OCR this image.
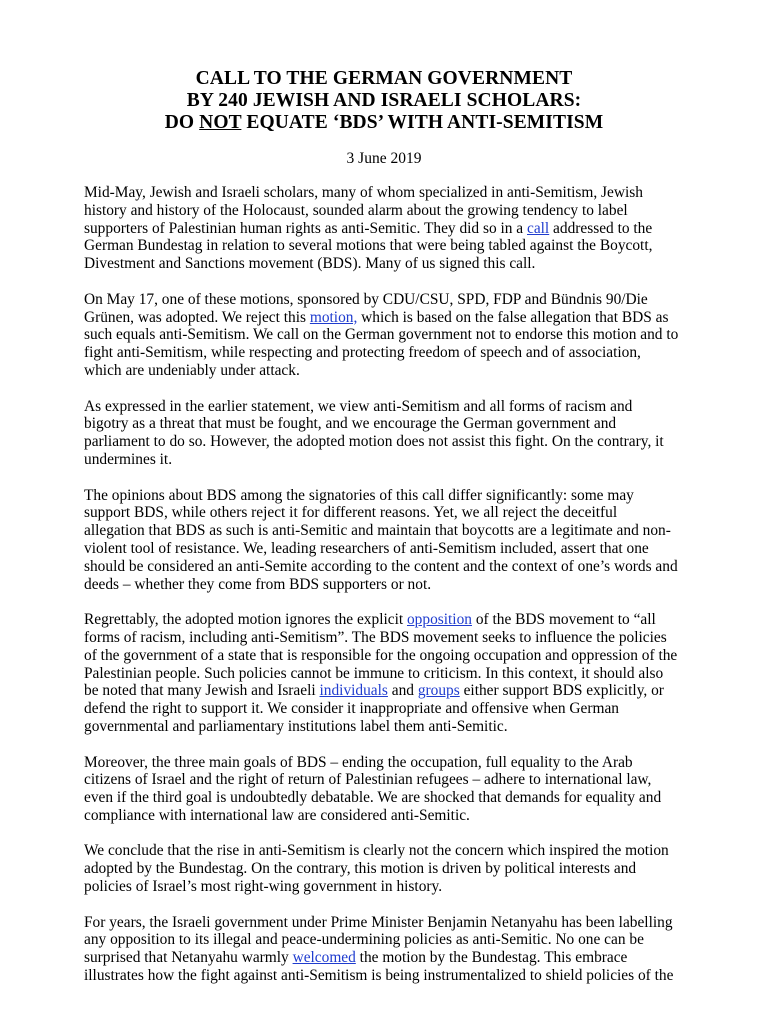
CALL TO THE GERMAN GOVERNMENT
BY 240 JEWISH AND ISRAELI SCHOLARS:
DO NOT EQUATE ‘BDS’ WITH ANTI-SEMITISM
3 June 2019
Mid-May, Jewish and Israeli scholars, many of whom specialized in anti-Semitism, Jewish
history and history of the Holocaust, sounded alarm about the growing tendency to label
supporters of Palestinian human rights as anti-Semitic. They did so in a call addressed to the
German Bundestag in relation to several motions that were being tabled against the Boycott,
Divestment and Sanctions movement (BDS). Many of us signed this call.
On May 17, one of these motions, sponsored by CDU/CSU, SPD, FDP and Bündnis 90/Die
Grünen, was adopted. We reject this motion, which is based on the false allegation that BDS as
such equals anti-Semitism. We call on the German government not to endorse this motion and to
fight anti-Semitism, while respecting and protecting freedom of speech and of association,
which are undeniably under attack.
As expressed in the earlier statement, we view anti-Semitism and all forms of racism and
bigotry as a threat that must be fought, and we encourage the German government and
parliament to do so. However, the adopted motion does not assist this fight. On the contrary, it
undermines it.
The opinions about BDS among the signatories of this call differ significantly: some may
support BDS, while others reject it for different reasons. Yet, we all reject the deceitful
allegation that BDS as such is anti-Semitic and maintain that boycotts are a legitimate and non-
violent tool of resistance. We, leading researchers of anti-Semitism included, assert that one
should be considered an anti-Semite according to the content and the context of one’s words and
deeds – whether they come from BDS supporters or not.
Regrettably, the adopted motion ignores the explicit opposition of the BDS movement to “all
forms of racism, including anti-Semitism”. The BDS movement seeks to influence the policies
of the government of a state that is responsible for the ongoing occupation and oppression of the
Palestinian people. Such policies cannot be immune to criticism. In this context, it should also
be noted that many Jewish and Israeli individuals and groups either support BDS explicitly, or
defend the right to support it. We consider it inappropriate and offensive when German
governmental and parliamentary institutions label them anti-Semitic.
Moreover, the three main goals of BDS – ending the occupation, full equality to the Arab
citizens of Israel and the right of return of Palestinian refugees – adhere to international law,
even if the third goal is undoubtedly debatable. We are shocked that demands for equality and
compliance with international law are considered anti-Semitic.
We conclude that the rise in anti-Semitism is clearly not the concern which inspired the motion
adopted by the Bundestag. On the contrary, this motion is driven by political interests and
policies of Israel’s most right-wing government in history.
For years, the Israeli government under Prime Minister Benjamin Netanyahu has been labelling
any opposition to its illegal and peace-undermining policies as anti-Semitic. No one can be
surprised that Netanyahu warmly welcomed the motion by the Bundestag. This embrace
illustrates how the fight against anti-Semitism is being instrumentalized to shield policies of the
